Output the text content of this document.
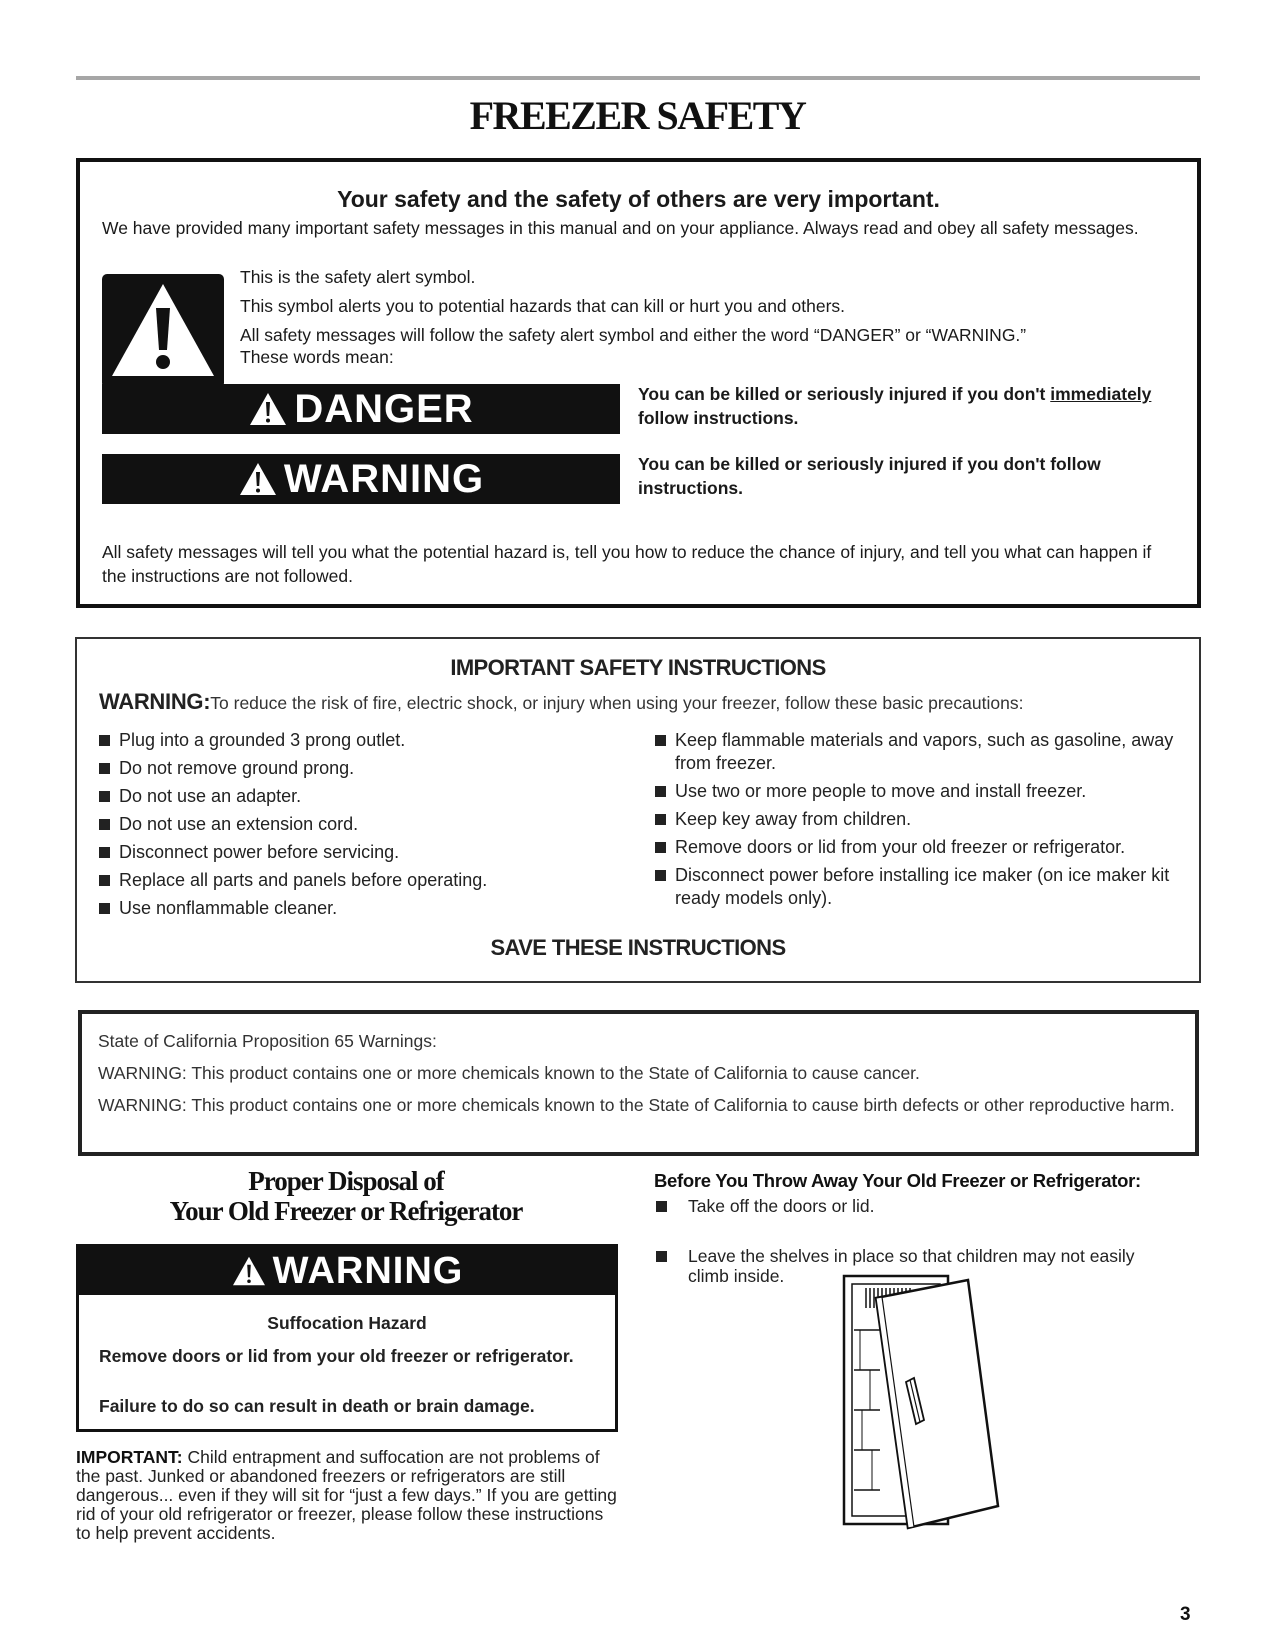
FREEZER SAFETY
Your safety and the safety of others are very important.
We have provided many important safety messages in this manual and on your appliance. Always read and obey all safety messages.
This is the safety alert symbol.
This symbol alerts you to potential hazards that can kill or hurt you and others.
All safety messages will follow the safety alert symbol and either the word “DANGER” or “WARNING.”
These words mean:
DANGER	You can be killed or seriously injured if you don't immediately follow instructions.
WARNING	You can be killed or seriously injured if you don't follow instructions.
All safety messages will tell you what the potential hazard is, tell you how to reduce the chance of injury, and tell you what can happen if the instructions are not followed.
IMPORTANT SAFETY INSTRUCTIONS
WARNING:To reduce the risk of fire, electric shock, or injury when using your freezer, follow these basic precautions:
Plug into a grounded 3 prong outlet.
Do not remove ground prong.
Do not use an adapter.
Do not use an extension cord.
Disconnect power before servicing.
Replace all parts and panels before operating.
Use nonflammable cleaner.
Keep flammable materials and vapors, such as gasoline, away from freezer.
Use two or more people to move and install freezer.
Keep key away from children.
Remove doors or lid from your old freezer or refrigerator.
Disconnect power before installing ice maker (on ice maker kit ready models only).
SAVE THESE INSTRUCTIONS
State of California Proposition 65 Warnings:
WARNING: This product contains one or more chemicals known to the State of California to cause cancer.
WARNING: This product contains one or more chemicals known to the State of California to cause birth defects or other reproductive harm.
Proper Disposal of
Your Old Freezer or Refrigerator
WARNING
Suffocation Hazard
Remove doors or lid from your old freezer or refrigerator.
Failure to do so can result in death or brain damage.
IMPORTANT: Child entrapment and suffocation are not problems of the past. Junked or abandoned freezers or refrigerators are still dangerous... even if they will sit for “just a few days.” If you are getting rid of your old refrigerator or freezer, please follow these instructions to help prevent accidents.
Before You Throw Away Your Old Freezer or Refrigerator:
Take off the doors or lid.
Leave the shelves in place so that children may not easily climb inside.
3
